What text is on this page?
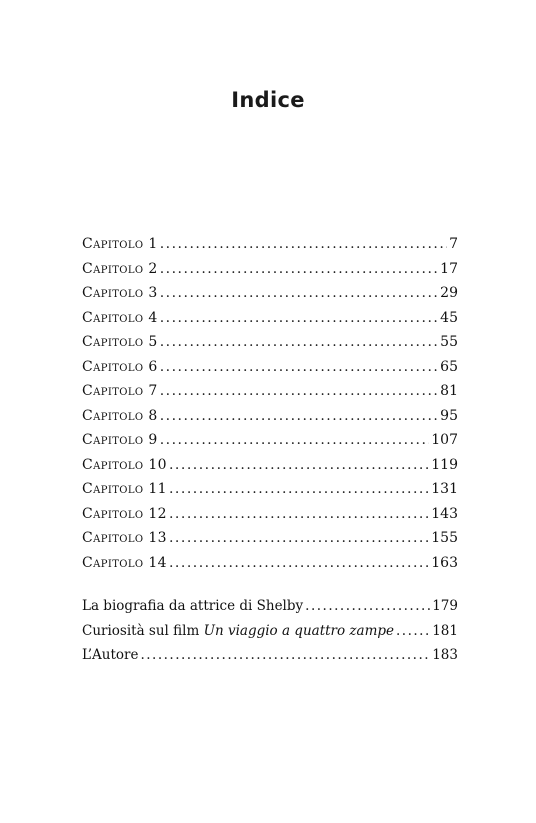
Indice
Capitolo 1 .....	7
Capitolo 2 .....	17
Capitolo 3 .....	29
Capitolo 4 .....	45
Capitolo 5 .....	55
Capitolo 6 .....	65
Capitolo 7 .....	81
Capitolo 8 .....	95
Capitolo 9 .....	107
Capitolo 10 .....	119
Capitolo 11 .....	131
Capitolo 12 .....	143
Capitolo 13 .....	155
Capitolo 14 .....	163
La biografia da attrice di Shelby .....	179
Curiosità sul film Un viaggio a quattro zampe .....	181
L’Autore .....	183
